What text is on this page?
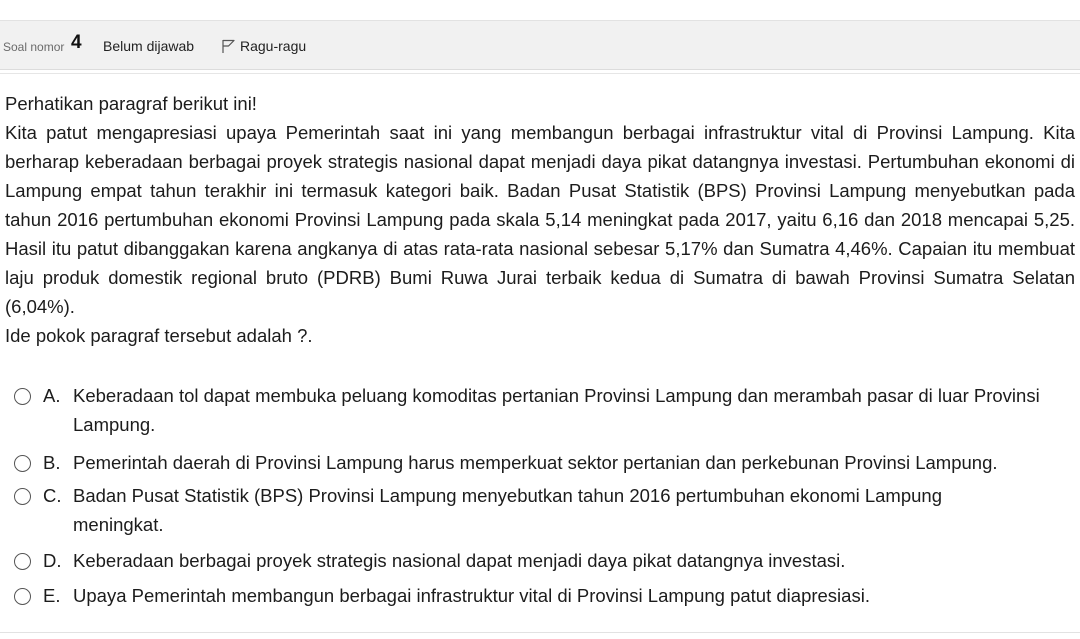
Soal nomor 4 Belum dijawab	Ragu-ragu
Perhatikan paragraf berikut ini!
Kita patut mengapresiasi upaya Pemerintah saat ini yang membangun berbagai infrastruktur vital di Provinsi Lampung. Kita berharap keberadaan berbagai proyek strategis nasional dapat menjadi daya pikat datangnya investasi. Pertumbuhan ekonomi di Lampung empat tahun terakhir ini termasuk kategori baik. Badan Pusat Statistik (BPS) Provinsi Lampung menyebutkan pada tahun 2016 pertumbuhan ekonomi Provinsi Lampung pada skala 5,14 meningkat pada 2017, yaitu 6,16 dan 2018 mencapai 5,25. Hasil itu patut dibanggakan karena angkanya di atas rata-rata nasional sebesar 5,17% dan Sumatra 4,46%. Capaian itu membuat laju produk domestik regional bruto (PDRB) Bumi Ruwa Jurai terbaik kedua di Sumatra di bawah Provinsi Sumatra Selatan (6,04%).
Ide pokok paragraf tersebut adalah ?.
A. Keberadaan tol dapat membuka peluang komoditas pertanian Provinsi Lampung dan merambah pasar di luar Provinsi Lampung.
B. Pemerintah daerah di Provinsi Lampung harus memperkuat sektor pertanian dan perkebunan Provinsi Lampung.
C. Badan Pusat Statistik (BPS) Provinsi Lampung menyebutkan tahun 2016 pertumbuhan ekonomi Lampung meningkat.
D. Keberadaan berbagai proyek strategis nasional dapat menjadi daya pikat datangnya investasi.
E. Upaya Pemerintah membangun berbagai infrastruktur vital di Provinsi Lampung patut diapresiasi.
